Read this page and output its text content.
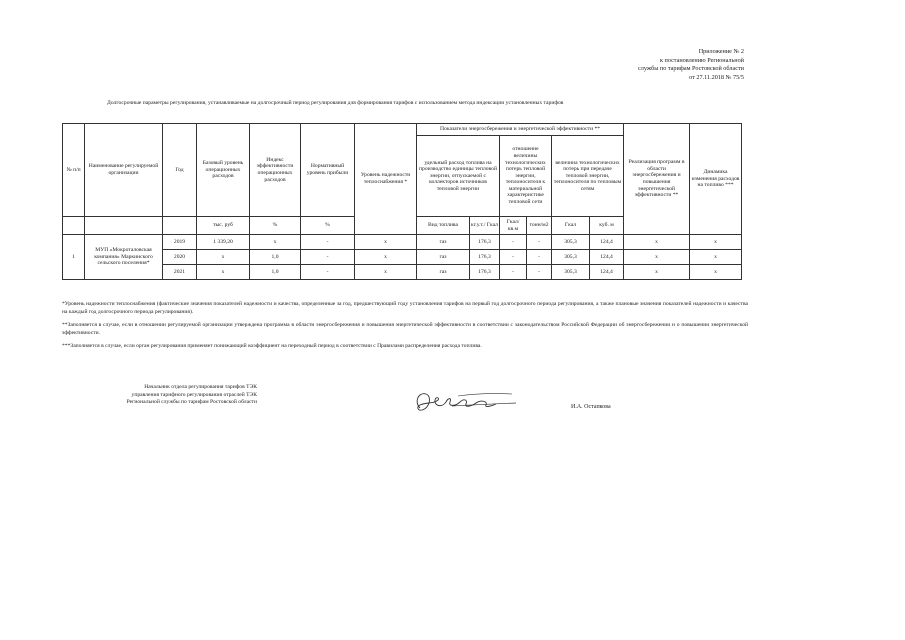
Приложение № 2
к постановлению Региональной
службы по тарифам Ростовской области
от 27.11.2018 № 75/5
Долгосрочные параметры регулирования, устанавливаемые на долгосрочный период регулирования для формирования тарифов с использованием метода индексации установленных тарифов
№ п/п	Наименование регулируемой организации	Год	Базовый уровень операционных расходов	Индекс эффективности операционных расходов	Нормативный уровень прибыли	Уровень надежности теплоснабжения *	Показатели энергосбережения и энергетической эффективности **						Реализация программ в области энергосбережения и повышения энергетической эффективности **	Динамика изменения расходов на топливо ***
							удельный расход топлива на производство единицы тепловой энергии, отпускаемой с коллекторов источников тепловой энергии		отношение величины технологических потерь тепловой энергии, теплоносителя к материальной характеристике тепловой сети		величина технологических потерь при передаче тепловой энергии, теплоносителя по тепловым сетям			
			тыс. руб	%	%		Вид топлива	кг.у.т./ Гкал	Гкал/ кв.м	тонн/м2	Гкал	куб. м		
1	МУП «Мокроталовская компания» Маркинского сельского поселения*	2019	1 339,20	х	-	х	газ	176,3	-	-	305,3	124,4	х	х
		2020	х	1,0	-	х	газ	176,3	-	-	305,3	124,4	х	х
		2021	х	1,0	-	х	газ	176,3	-	-	305,3	124,4	х	х

*Уровень надежности теплоснабжения (фактические значения показателей надежности и качества, определенные за год, предшествующий году установления тарифов на первый год долгосрочного периода регулирования, а также плановые значения показателей надежности и качества на каждый год долгосрочного периода регулирования).

**Заполняется в случае, если в отношении регулируемой организации утверждена программа в области энергосбережения и повышения энергетической эффективности в соответствии с законодательством Российской Федерации об энергосбережении и о повышении энергетической эффективности.

***Заполняется в случае, если орган регулирования применяет понижающий коэффициент на переходный период в соответствии с Правилами распределения расхода топлива.

Начальник отдела регулирования тарифов ТЭК
управления тарифного регулирования отраслей ТЭК
Региональной службы по тарифам Ростовской области
И.А. Остапкова
